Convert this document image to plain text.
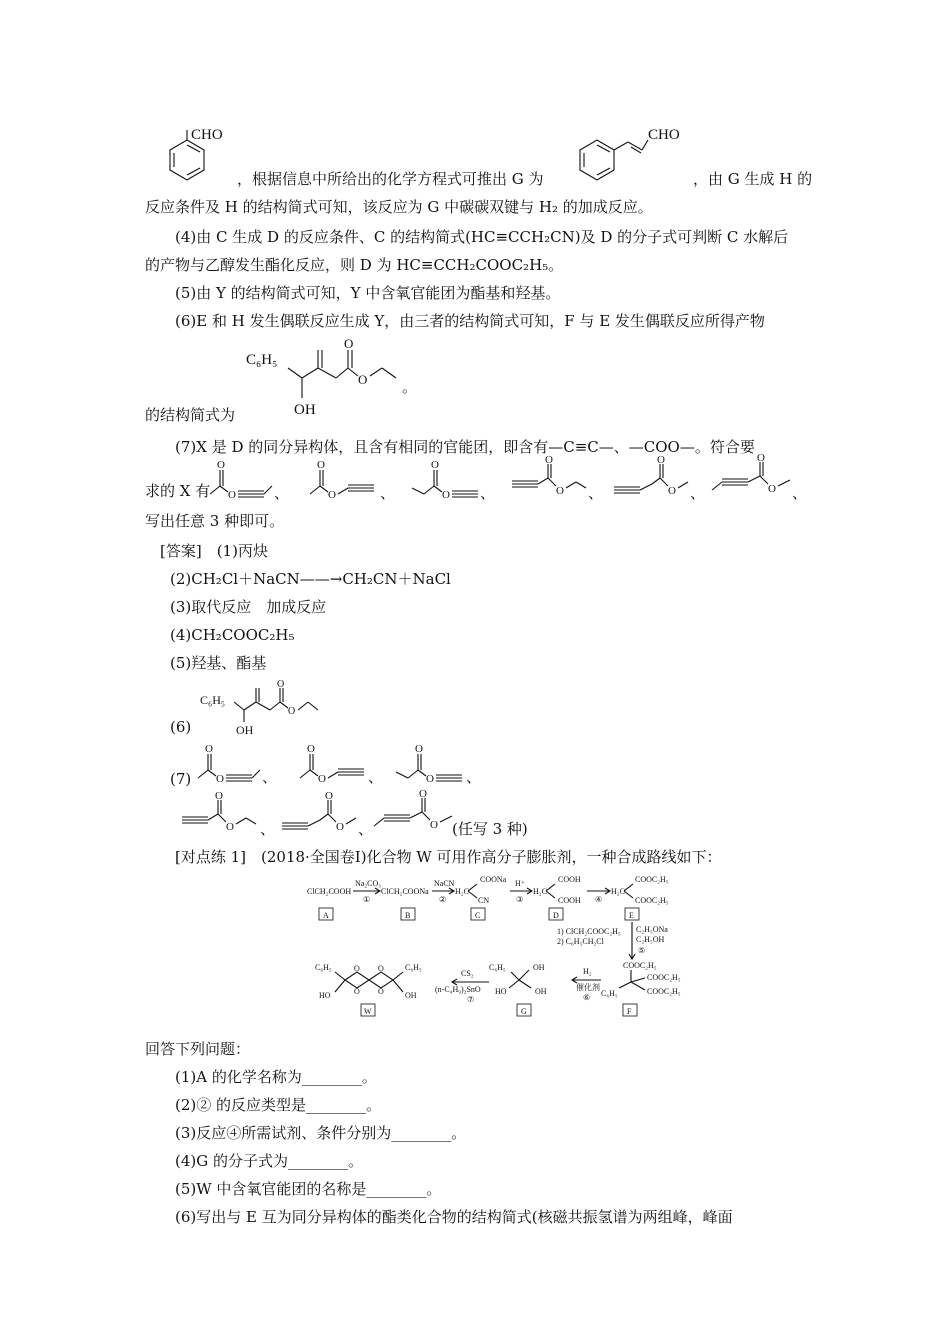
CHO
，根据信息中所给出的化学方程式可推出 G 为
CHO
，由 G 生成 H 的
反应条件及 H 的结构简式可知，该反应为 G 中碳碳双键与 H₂ 的加成反应。
(4)由 C 生成 D 的反应条件、C 的结构简式(HC≡CCH₂CN)及 D 的分子式可判断 C 水解后
的产物与乙醇发生酯化反应，则 D 为 HC≡CCH₂COOC₂H₅。
(5)由 Y 的结构简式可知，Y 中含氧官能团为酯基和羟基。
(6)E 和 H 发生偶联反应生成 Y，由三者的结构简式可知，F 与 E 发生偶联反应所得产物
C₆H₅
OH
O
O 。
的结构简式为
(7)X 是 D 的同分异构体，且含有相同的官能团，即含有—C≡C—、—COO—。符合要
求的 X 有
O
O	、
O
O	、
O
O 、
O
O 、
O
O 、
O
O 、
写出任意 3 种即可。
[答案]　(1)丙炔
(2)CH₂Cl＋NaCN——→CH₂CN＋NaCl
(3)取代反应　加成反应
(4)CH₂COOC₂H₅
(5)羟基、酯基
(6)
C₆H₅
OH
O
O
(7)
O
O	、
O
O	、
O
O 、
O
O 、
O
O 、
O
O (任写 3 种)
[对点练 1]　(2018·全国卷Ⅰ)化合物 W 可用作高分子膨胀剂，一种合成路线如下：
ClCH₂COOH
Na₂CO₃
①
ClCH₂COONa
NaCN
②
COONa
H₂C
CN
H⁺
③
COOH
H₂C
COOH ④
COOC₂H₅
H₂C
COOC₂H₅
A	B	C	D	E
1) ClCH₂COOC₂H₅
2) C₆H₅CH₂Cl
C₂H₅ONa
C₂H₅OH
⑤
COOC₂H₅
COOC₂H₅
COOC₂H₅
C₆H₅
F
H₂
催化剂
⑥
C₆H₅	OH
HO	OH
G
CS₂
(n-C₄H₉)₂SnO
⑦
C₆H₅
HO
O
O
O
O
C₆H₅
OH
W
回答下列问题：
(1)A 的化学名称为________。
(2)② 的反应类型是________。
(3)反应④所需试剂、条件分别为________。
(4)G 的分子式为________。
(5)W 中含氧官能团的名称是________。
(6)写出与 E 互为同分异构体的酯类化合物的结构简式(核磁共振氢谱为两组峰，峰面
